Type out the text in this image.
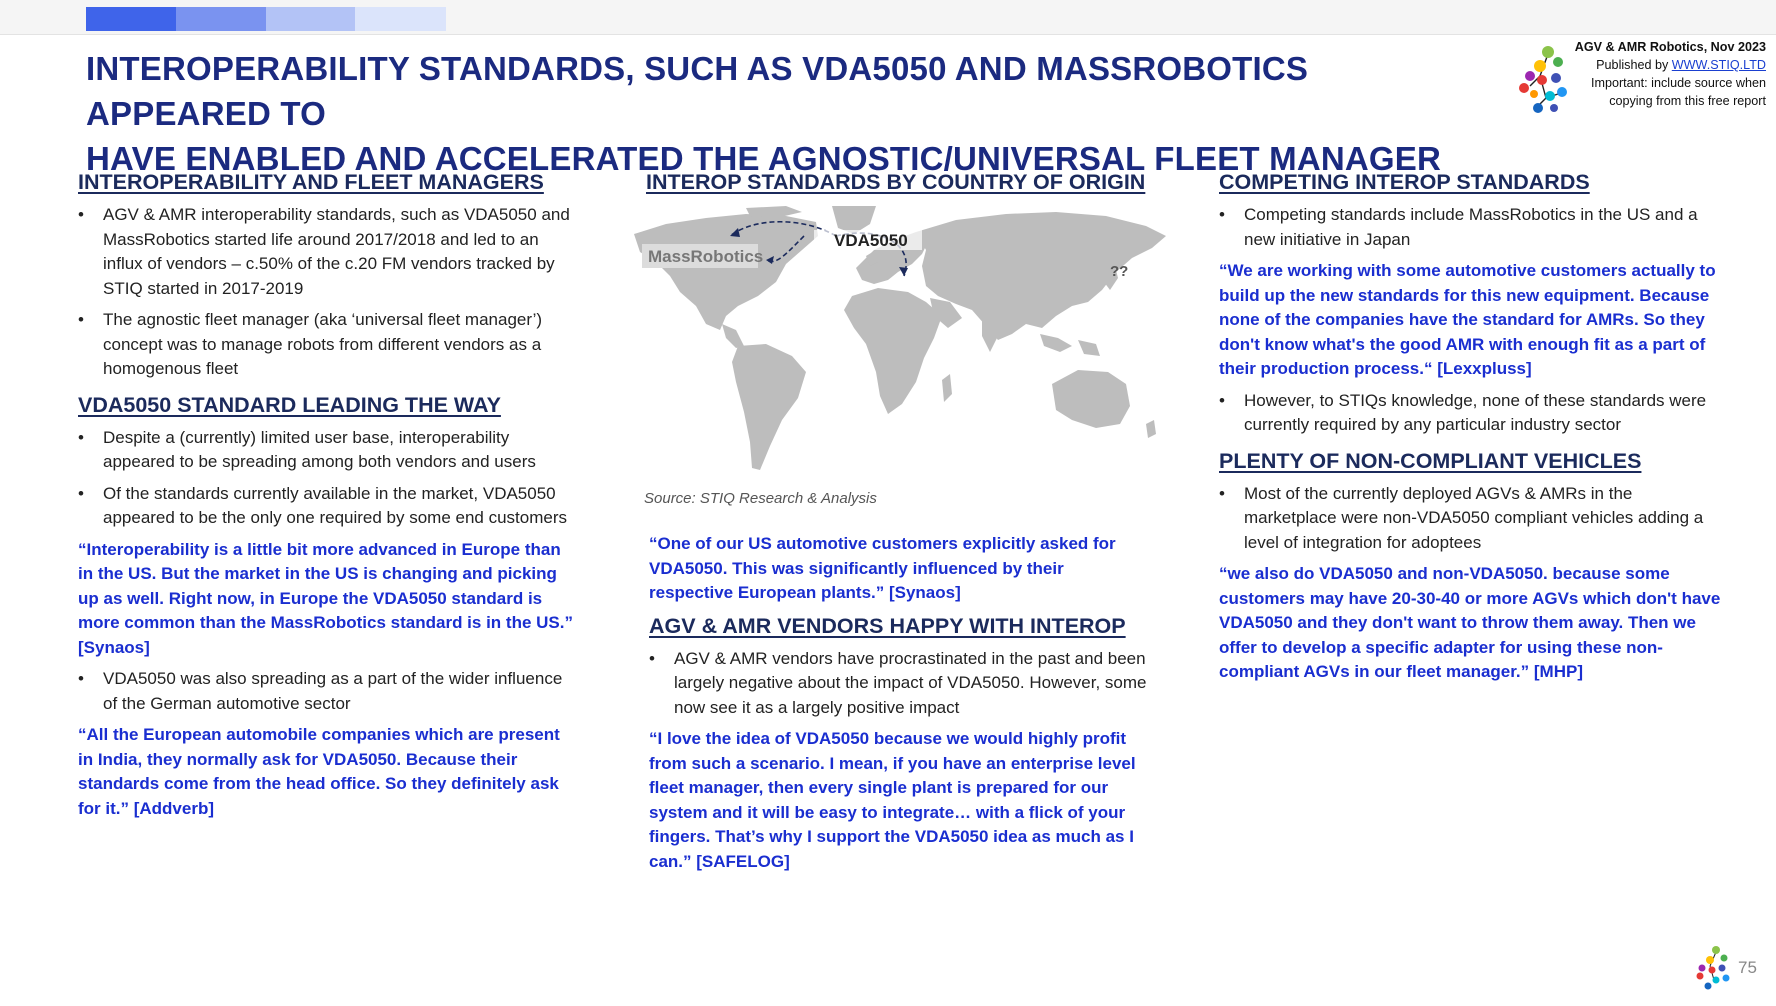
INTEROPERABILITY STANDARDS, SUCH AS VDA5050 AND MASSROBOTICS APPEARED TO
HAVE ENABLED AND ACCELERATED THE AGNOSTIC/UNIVERSAL FLEET MANAGER
AGV & AMR Robotics, Nov 2023
Published by WWW.STIQ.LTD
Important: include source when
copying from this free report

INTEROPERABILITY AND FLEET MANAGERS

• AGV & AMR interoperability standards, such as VDA5050 and MassRobotics started life around 2017/2018 and led to an influx of vendors – c.50% of the c.20 FM vendors tracked by STIQ started in 2017-2019

• The agnostic fleet manager (aka ‘universal fleet manager’) concept was to manage robots from different vendors as a homogenous fleet

VDA5050 STANDARD LEADING THE WAY

• Despite a (currently) limited user base, interoperability appeared to be spreading among both vendors and users

• Of the standards currently available in the market, VDA5050 appeared to be the only one required by some end customers

“Interoperability is a little bit more advanced in Europe than in the US. But the market in the US is changing and picking up as well. Right now, in Europe the VDA5050 standard is more common than the MassRobotics standard is in the US.” [Synaos]

• VDA5050 was also spreading as a part of the wider influence of the German automotive sector

“All the European automobile companies which are present in India, they normally ask for VDA5050. Because their standards come from the head office. So they definitely ask for it.” [Addverb]

INTEROP STANDARDS BY COUNTRY OF ORIGIN

MassRobotics
VDA5050
??
Source: STIQ Research & Analysis

“One of our US automotive customers explicitly asked for VDA5050. This was significantly influenced by their respective European plants.” [Synaos]

AGV & AMR VENDORS HAPPY WITH INTEROP

• AGV & AMR vendors have procrastinated in the past and been largely negative about the impact of VDA5050. However, some now see it as a largely positive impact

“I love the idea of VDA5050 because we would highly profit from such a scenario. I mean, if you have an enterprise level fleet manager, then every single plant is prepared for our system and it will be easy to integrate… with a flick of your fingers. That’s why I support the VDA5050 idea as much as I can.” [SAFELOG]

COMPETING INTEROP STANDARDS

• Competing standards include MassRobotics in the US and a new initiative in Japan

“We are working with some automotive customers actually to build up the new standards for this new equipment. Because none of the companies have the standard for AMRs. So they don't know what's the good AMR with enough fit as a part of their production process.“ [Lexxpluss]

• However, to STIQs knowledge, none of these standards were currently required by any particular industry sector

PLENTY OF NON-COMPLIANT VEHICLES

• Most of the currently deployed AGVs & AMRs in the marketplace were non-VDA5050 compliant vehicles adding a level of integration for adoptees

“we also do VDA5050 and non-VDA5050. because some customers may have 20-30-40 or more AGVs which don't have VDA5050 and they don't want to throw them away. Then we offer to develop a specific adapter for using these non-compliant AGVs in our fleet manager.” [MHP]

75
